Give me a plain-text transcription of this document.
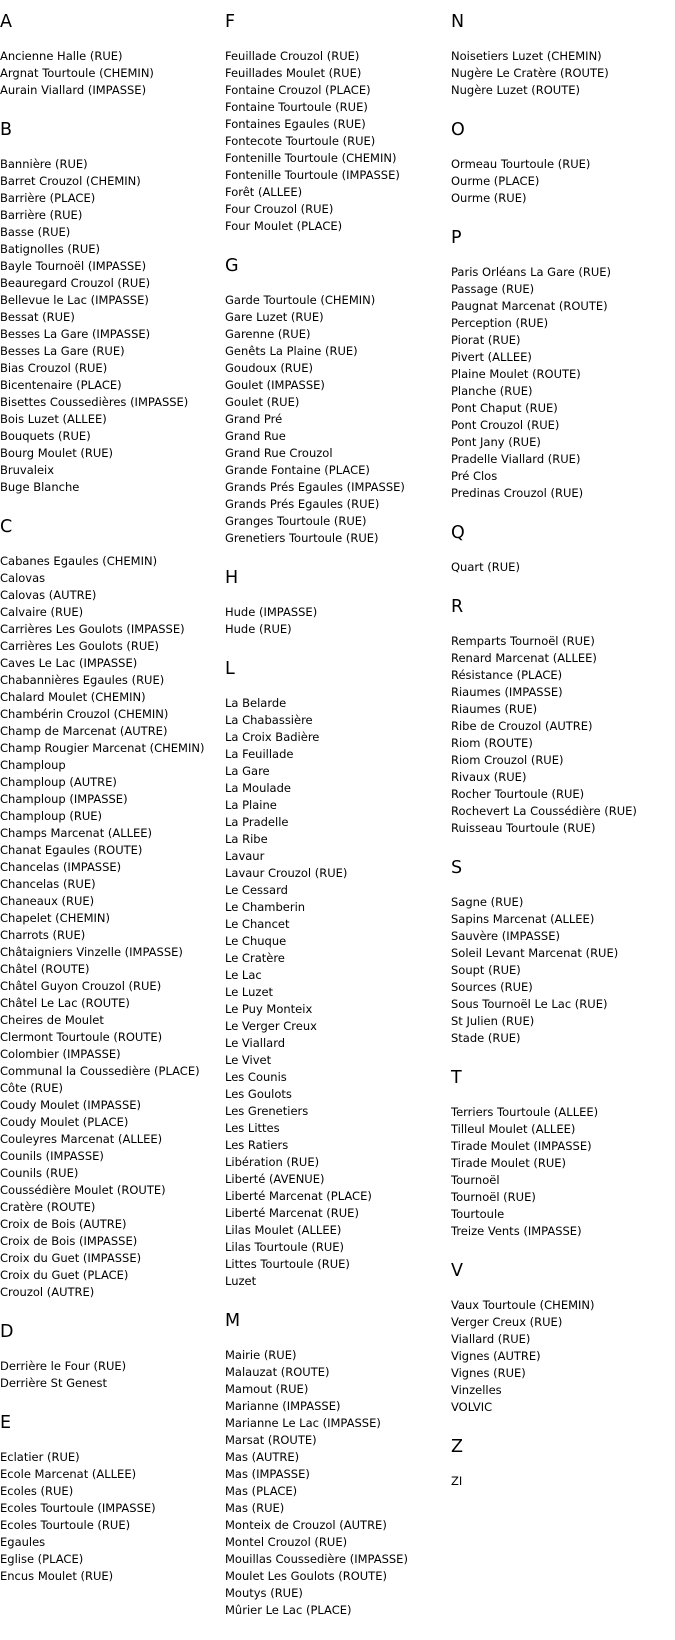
A
Ancienne Halle (RUE)
Argnat Tourtoule (CHEMIN)
Aurain Viallard (IMPASSE)
B
Bannière (RUE)
Barret Crouzol (CHEMIN)
Barrière (PLACE)
Barrière (RUE)
Basse (RUE)
Batignolles (RUE)
Bayle Tournoël (IMPASSE)
Beauregard Crouzol (RUE)
Bellevue le Lac (IMPASSE)
Bessat (RUE)
Besses La Gare (IMPASSE)
Besses La Gare (RUE)
Bias Crouzol (RUE)
Bicentenaire (PLACE)
Bisettes Coussedières (IMPASSE)
Bois Luzet (ALLEE)
Bouquets (RUE)
Bourg Moulet (RUE)
Bruvaleix
Buge Blanche
C
Cabanes Egaules (CHEMIN)
Calovas
Calovas (AUTRE)
Calvaire (RUE)
Carrières Les Goulots (IMPASSE)
Carrières Les Goulots (RUE)
Caves Le Lac (IMPASSE)
Chabannières Egaules (RUE)
Chalard Moulet (CHEMIN)
Chambérin Crouzol (CHEMIN)
Champ de Marcenat (AUTRE)
Champ Rougier Marcenat (CHEMIN)
Champloup
Champloup (AUTRE)
Champloup (IMPASSE)
Champloup (RUE)
Champs Marcenat (ALLEE)
Chanat Egaules (ROUTE)
Chancelas (IMPASSE)
Chancelas (RUE)
Chaneaux (RUE)
Chapelet (CHEMIN)
Charrots (RUE)
Châtaigniers Vinzelle (IMPASSE)
Châtel (ROUTE)
Châtel Guyon Crouzol (RUE)
Châtel Le Lac (ROUTE)
Cheires de Moulet
Clermont Tourtoule (ROUTE)
Colombier (IMPASSE)
Communal la Coussedière (PLACE)
Côte (RUE)
Coudy Moulet (IMPASSE)
Coudy Moulet (PLACE)
Couleyres Marcenat (ALLEE)
Counils (IMPASSE)
Counils (RUE)
Coussédière Moulet (ROUTE)
Cratère (ROUTE)
Croix de Bois (AUTRE)
Croix de Bois (IMPASSE)
Croix du Guet (IMPASSE)
Croix du Guet (PLACE)
Crouzol (AUTRE)
D
Derrière le Four (RUE)
Derrière St Genest
E
Eclatier (RUE)
Ecole Marcenat (ALLEE)
Ecoles (RUE)
Ecoles Tourtoule (IMPASSE)
Ecoles Tourtoule (RUE)
Egaules
Eglise (PLACE)
Encus Moulet (RUE)
F
Feuillade Crouzol (RUE)
Feuillades Moulet (RUE)
Fontaine Crouzol (PLACE)
Fontaine Tourtoule (RUE)
Fontaines Egaules (RUE)
Fontecote Tourtoule (RUE)
Fontenille Tourtoule (CHEMIN)
Fontenille Tourtoule (IMPASSE)
Forêt (ALLEE)
Four Crouzol (RUE)
Four Moulet (PLACE)
G
Garde Tourtoule (CHEMIN)
Gare Luzet (RUE)
Garenne (RUE)
Genêts La Plaine (RUE)
Goudoux (RUE)
Goulet (IMPASSE)
Goulet (RUE)
Grand Pré
Grand Rue
Grand Rue Crouzol
Grande Fontaine (PLACE)
Grands Prés Egaules (IMPASSE)
Grands Prés Egaules (RUE)
Granges Tourtoule (RUE)
Grenetiers Tourtoule (RUE)
H
Hude (IMPASSE)
Hude (RUE)
L
La Belarde
La Chabassière
La Croix Badière
La Feuillade
La Gare
La Moulade
La Plaine
La Pradelle
La Ribe
Lavaur
Lavaur Crouzol (RUE)
Le Cessard
Le Chamberin
Le Chancet
Le Chuque
Le Cratère
Le Lac
Le Luzet
Le Puy Monteix
Le Verger Creux
Le Viallard
Le Vivet
Les Counis
Les Goulots
Les Grenetiers
Les Littes
Les Ratiers
Libération (RUE)
Liberté (AVENUE)
Liberté Marcenat (PLACE)
Liberté Marcenat (RUE)
Lilas Moulet (ALLEE)
Lilas Tourtoule (RUE)
Littes Tourtoule (RUE)
Luzet
M
Mairie (RUE)
Malauzat (ROUTE)
Mamout (RUE)
Marianne (IMPASSE)
Marianne Le Lac (IMPASSE)
Marsat (ROUTE)
Mas (AUTRE)
Mas (IMPASSE)
Mas (PLACE)
Mas (RUE)
Monteix de Crouzol (AUTRE)
Montel Crouzol (RUE)
Mouillas Coussedière (IMPASSE)
Moulet Les Goulots (ROUTE)
Moutys (RUE)
Mûrier Le Lac (PLACE)
N
Noisetiers Luzet (CHEMIN)
Nugère Le Cratère (ROUTE)
Nugère Luzet (ROUTE)
O
Ormeau Tourtoule (RUE)
Ourme (PLACE)
Ourme (RUE)
P
Paris Orléans La Gare (RUE)
Passage (RUE)
Paugnat Marcenat (ROUTE)
Perception (RUE)
Piorat (RUE)
Pivert (ALLEE)
Plaine Moulet (ROUTE)
Planche (RUE)
Pont Chaput (RUE)
Pont Crouzol (RUE)
Pont Jany (RUE)
Pradelle Viallard (RUE)
Pré Clos
Predinas Crouzol (RUE)
Q
Quart (RUE)
R
Remparts Tournoël (RUE)
Renard Marcenat (ALLEE)
Résistance (PLACE)
Riaumes (IMPASSE)
Riaumes (RUE)
Ribe de Crouzol (AUTRE)
Riom (ROUTE)
Riom Crouzol (RUE)
Rivaux (RUE)
Rocher Tourtoule (RUE)
Rochevert La Coussédière (RUE)
Ruisseau Tourtoule (RUE)
S
Sagne (RUE)
Sapins Marcenat (ALLEE)
Sauvère (IMPASSE)
Soleil Levant Marcenat (RUE)
Soupt (RUE)
Sources (RUE)
Sous Tournoël Le Lac (RUE)
St Julien (RUE)
Stade (RUE)
T
Terriers Tourtoule (ALLEE)
Tilleul Moulet (ALLEE)
Tirade Moulet (IMPASSE)
Tirade Moulet (RUE)
Tournoël
Tournoël (RUE)
Tourtoule
Treize Vents (IMPASSE)
V
Vaux Tourtoule (CHEMIN)
Verger Creux (RUE)
Viallard (RUE)
Vignes (AUTRE)
Vignes (RUE)
Vinzelles
VOLVIC
Z
ZI
